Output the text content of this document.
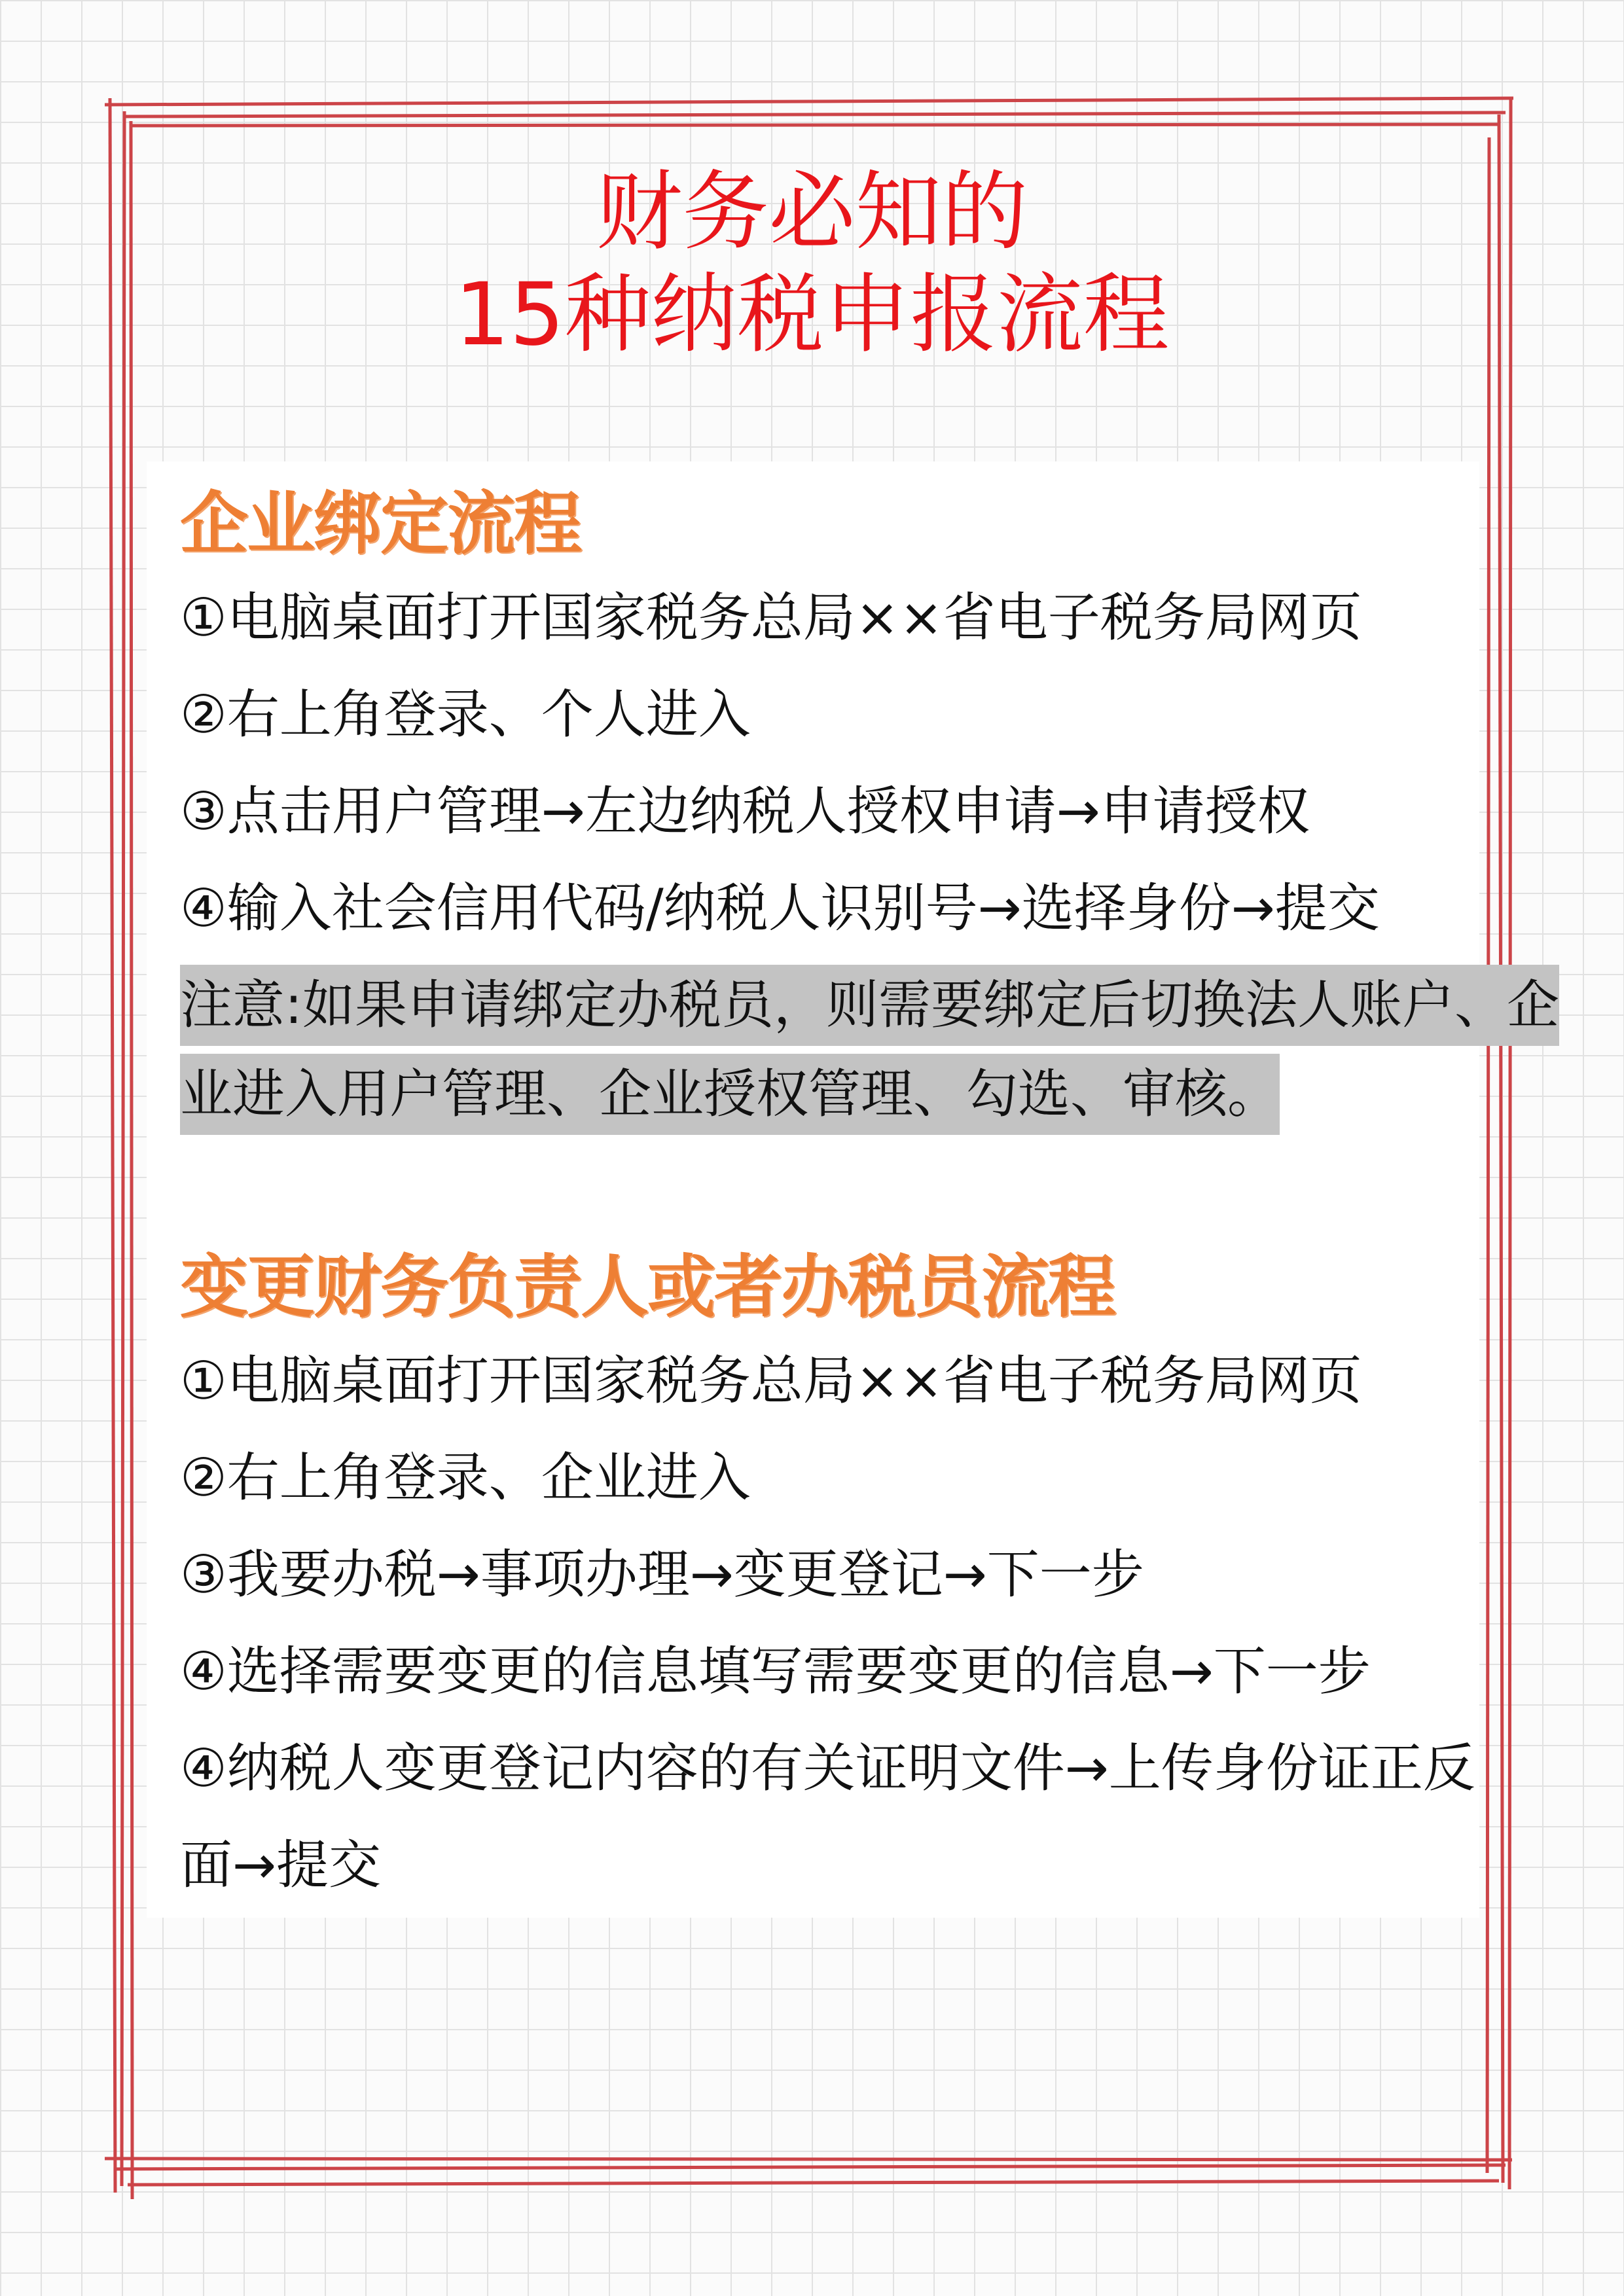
财务必知的
15种纳税申报流程
企业绑定流程
①电脑桌面打开国家税务总局××省电子税务局网页
②右上角登录、个人进入
③点击用户管理→左边纳税人授权申请→申请授权
④输入社会信用代码/纳税人识别号→选择身份→提交
注意:如果申请绑定办税员，则需要绑定后切换法人账户、企
业进入用户管理、企业授权管理、勾选、审核。
变更财务负责人或者办税员流程
①电脑桌面打开国家税务总局××省电子税务局网页
②右上角登录、企业进入
③我要办税→事项办理→变更登记→下一步
④选择需要变更的信息填写需要变更的信息→下一步
④纳税人变更登记内容的有关证明文件→上传身份证正反
面→提交
